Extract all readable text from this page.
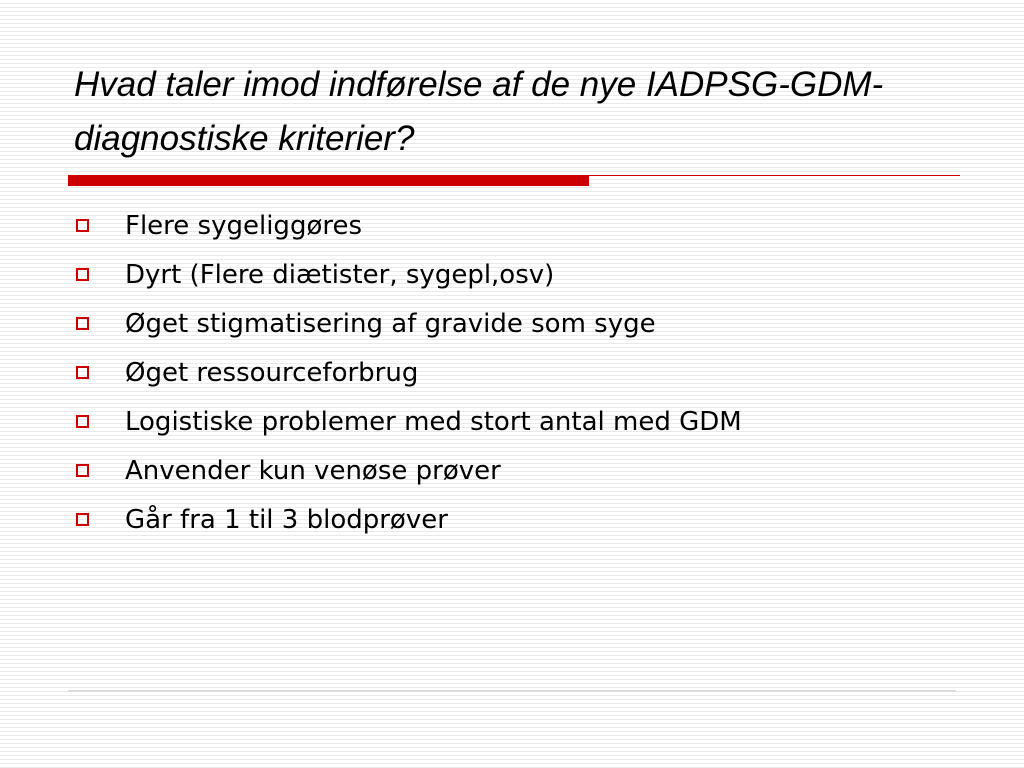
Hvad taler imod indførelse af de nye IADPSG-GDM-diagnostiske kriterier?
Flere sygeliggøres
Dyrt (Flere diætister, sygepl,osv)
Øget stigmatisering af gravide som syge
Øget ressourceforbrug
Logistiske problemer med stort antal med GDM
Anvender kun venøse prøver
Går fra 1 til 3 blodprøver
